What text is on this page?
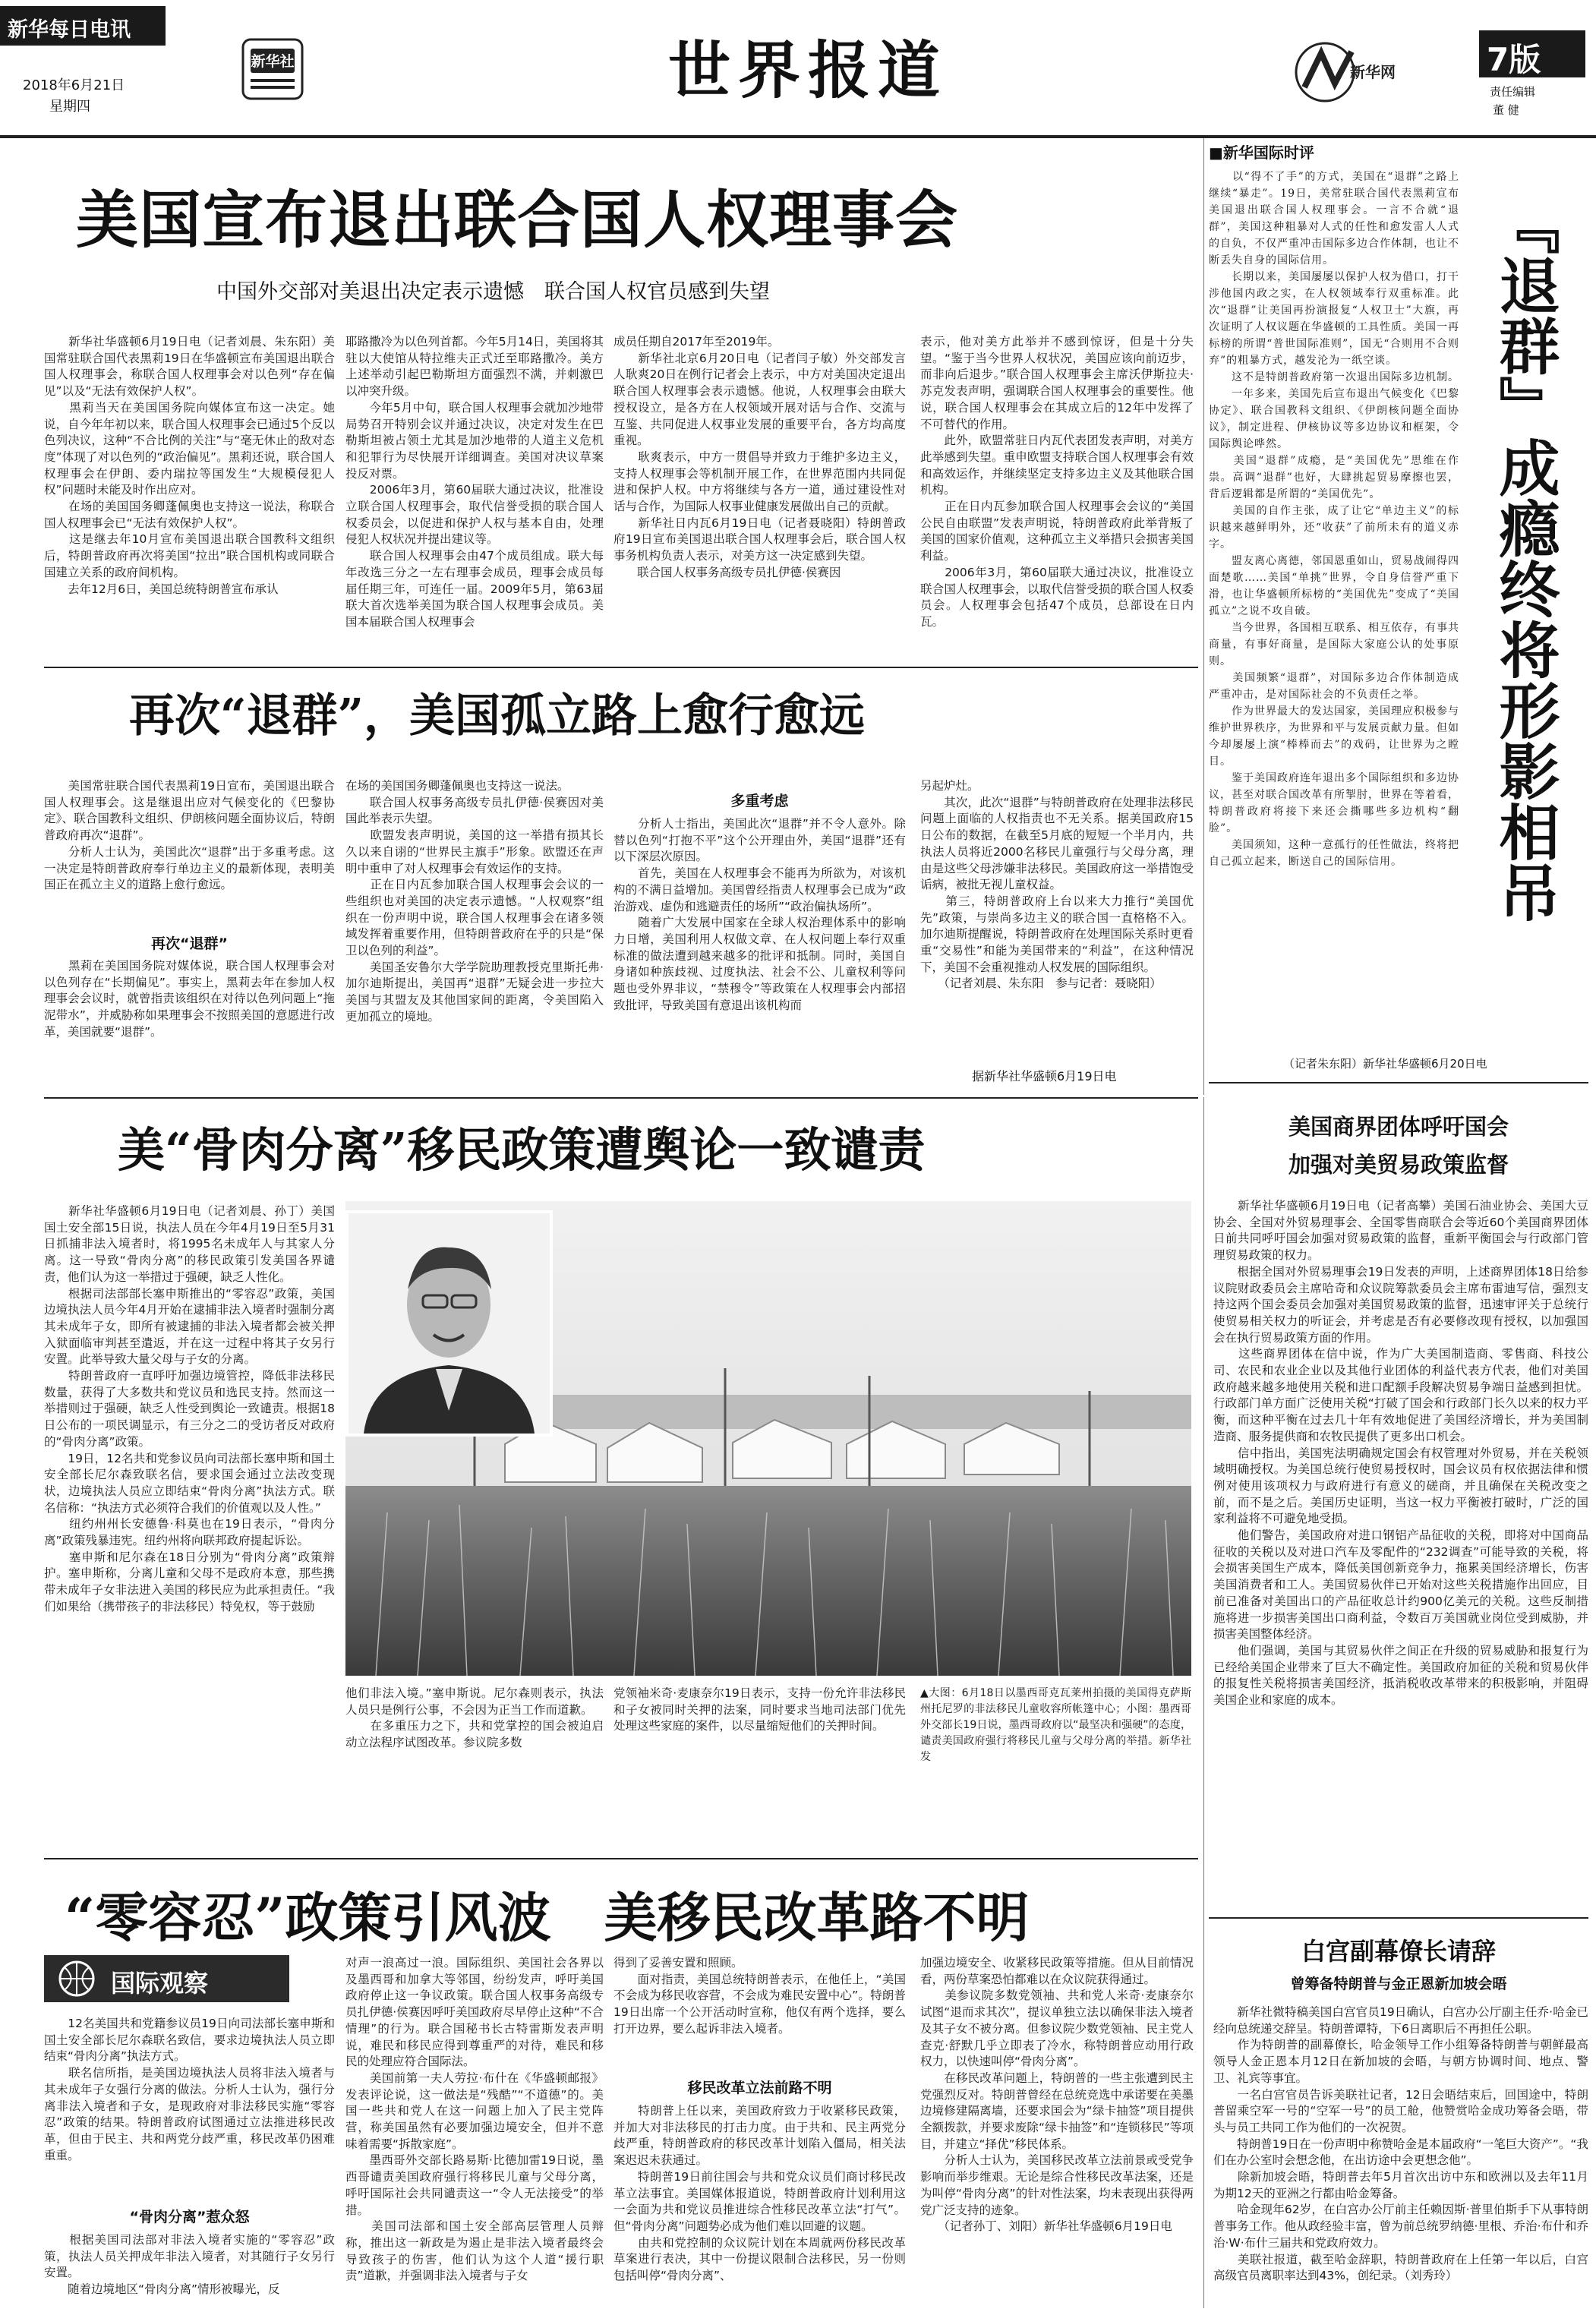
新华每日电讯
2018年6月21日
星期四
新华社	世界报道	新华网	7版
责任编辑
董 健
■新华国际时评
美国宣布退出联合国人权理事会
中国外交部对美退出决定表示遗憾　联合国人权官员感到失望
　　新华社华盛顿6月19日电（记者刘晨、朱东阳）美国常驻联合国代表黑莉19日在华盛顿宣布美国退出联合国人权理事会，称联合国人权理事会对以色列“存在偏见”以及“无法有效保护人权”。
　　黑莉当天在美国国务院向媒体宣布这一决定。她说，自今年年初以来，联合国人权理事会已通过5个反以色列决议，这种“不合比例的关注”与“毫无休止的敌对态度”体现了对以色列的“政治偏见”。黑莉还说，联合国人权理事会在伊朗、委内瑞拉等国发生“大规模侵犯人权”问题时未能及时作出应对。
　　在场的美国国务卿蓬佩奥也支持这一说法，称联合国人权理事会已“无法有效保护人权”。
　　这是继去年10月宣布美国退出联合国教科文组织后，特朗普政府再次将美国“拉出”联合国机构或同联合国建立关系的政府间机构。
　　去年12月6日，美国总统特朗普宣布承认
耶路撒冷为以色列首都。今年5月14日，美国将其驻以大使馆从特拉维夫正式迁至耶路撒冷。美方上述举动引起巴勒斯坦方面强烈不满，并刺激巴以冲突升级。
　　今年5月中旬，联合国人权理事会就加沙地带局势召开特别会议并通过决议，决定对发生在巴勒斯坦被占领土尤其是加沙地带的人道主义危机和犯罪行为尽快展开详细调查。美国对决议草案投反对票。
　　2006年3月，第60届联大通过决议，批准设立联合国人权理事会，取代信誉受损的联合国人权委员会，以促进和保护人权与基本自由，处理侵犯人权状况并提出建议等。
　　联合国人权理事会由47个成员组成。联大每年改选三分之一左右理事会成员，理事会成员每届任期三年，可连任一届。2009年5月，第63届联大首次选举美国为联合国人权理事会成员。美国本届联合国人权理事会
成员任期自2017年至2019年。
　　新华社北京6月20日电（记者闫子敏）外交部发言人耿爽20日在例行记者会上表示，中方对美国决定退出联合国人权理事会表示遗憾。他说，人权理事会由联大授权设立，是各方在人权领域开展对话与合作、交流与互鉴、共同促进人权事业发展的重要平台，各方均高度重视。
　　耿爽表示，中方一贯倡导并致力于维护多边主义，支持人权理事会等机制开展工作，在世界范围内共同促进和保护人权。中方将继续与各方一道，通过建设性对话与合作，为国际人权事业健康发展做出自己的贡献。
　　新华社日内瓦6月19日电（记者聂晓阳）特朗普政府19日宣布美国退出联合国人权理事会后，联合国人权事务机构负责人表示，对美方这一决定感到失望。
　　联合国人权事务高级专员扎伊德·侯赛因
表示，他对美方此举并不感到惊讶，但是十分失望。“鉴于当今世界人权状况，美国应该向前迈步，而非向后退步。”联合国人权理事会主席沃伊斯拉夫·苏克发表声明，强调联合国人权理事会的重要性。他说，联合国人权理事会在其成立后的12年中发挥了不可替代的作用。
　　此外，欧盟常驻日内瓦代表团发表声明，对美方此举感到失望。重申欧盟支持联合国人权理事会有效和高效运作，并继续坚定支持多边主义及其他联合国机构。
　　正在日内瓦参加联合国人权理事会会议的“美国公民自由联盟”发表声明说，特朗普政府此举背叛了美国的国家价值观，这种孤立主义举措只会损害美国利益。
　　2006年3月，第60届联大通过决议，批准设立联合国人权理事会，以取代信誉受损的联合国人权委员会。人权理事会包括47个成员，总部设在日内瓦。
　　以“得不了手”的方式，美国在“退群”之路上继续“暴走”。19日，美常驻联合国代表黑莉宣布美国退出联合国人权理事会。一言不合就“退群”，美国这种粗暴对人式的任性和愈发雷人人式的自负，不仅严重冲击国际多边合作体制，也让不断丢失自身的国际信用。
　　长期以来，美国屡屡以保护人权为借口，打干涉他国内政之实，在人权领域奉行双重标准。此次“退群”让美国再扮演报复“人权卫士”大旗，再次证明了人权议题在华盛顿的工具性质。美国一再标榜的所谓“普世国际准则”，国无“合则用不合则弃”的粗暴方式，越发沦为一纸空谈。
　　这不是特朗普政府第一次退出国际多边机制。
　　一年多来，美国先后宣布退出气候变化《巴黎协定》、联合国教科文组织、《伊朗核问题全面协议》，制定进程、伊核协议等多边协议和框架，令国际舆论哗然。
　　美国“退群”成瘾，是“美国优先”思维在作祟。高调“退群”也好，大肆挑起贸易摩擦也罢，背后逻辑都是所谓的“美国优先”。
　　美国的自作主张，成了让它“单边主义”的标识越来越鲜明外，还“收获”了前所未有的道义赤字。
　　盟友离心离德，邻国恩重如山，贸易战闹得四面楚歌……美国“单挑”世界，令自身信誉严重下滑，也让华盛顿所标榜的“美国优先”变成了“美国孤立”之说不攻自破。
　　当今世界，各国相互联系、相互依存，有事共商量，有事好商量，是国际大家庭公认的处事原则。
　　美国频繁“退群”，对国际多边合作体制造成严重冲击，是对国际社会的不负责任之举。
　　作为世界最大的发达国家，美国理应积极参与维护世界秩序，为世界和平与发展贡献力量。但如今却屡屡上演“棒棒而去”的戏码，让世界为之瞠目。
　　鉴于美国政府连年退出多个国际组织和多边协议，甚至对联合国改革有所掣肘，世界在等着看，特朗普政府将接下来还会撕哪些多边机构“翻脸”。
　　美国须知，这种一意孤行的任性做法，终将把自己孤立起来，断送自己的国际信用。	『退群』成瘾终将形影相吊
（记者朱东阳）新华社华盛顿6月20日电
再次“退群”，美国孤立路上愈行愈远
　　美国常驻联合国代表黑莉19日宣布，美国退出联合国人权理事会。这是继退出应对气候变化的《巴黎协定》、联合国教科文组织、伊朗核问题全面协议后，特朗普政府再次“退群”。
　　分析人士认为，美国此次“退群”出于多重考虑。这一决定是特朗普政府奉行单边主义的最新体现，表明美国正在孤立主义的道路上愈行愈远。
再次“退群”
　　黑莉在美国国务院对媒体说，联合国人权理事会对以色列存在“长期偏见”。事实上，黑莉去年在参加人权理事会会议时，就曾指责该组织在对待以色列问题上“拖泥带水”，并威胁称如果理事会不按照美国的意愿进行改革，美国就要“退群”。
在场的美国国务卿蓬佩奥也支持这一说法。
　　联合国人权事务高级专员扎伊德·侯赛因对美国此举表示失望。
　　欧盟发表声明说，美国的这一举措有损其长久以来自诩的“世界民主旗手”形象。欧盟还在声明中重申了对人权理事会有效运作的支持。
　　正在日内瓦参加联合国人权理事会会议的一些组织也对美国的决定表示遗憾。“人权观察”组织在一份声明中说，联合国人权理事会在诸多领域发挥着重要作用，但特朗普政府在乎的只是“保卫以色列的利益”。
　　美国圣安鲁尔大学学院助理教授克里斯托弗·加尔迪斯提出，美国再“退群”无疑会进一步拉大美国与其盟友及其他国家间的距离，令美国陷入更加孤立的境地。
多重考虑
　　分析人士指出，美国此次“退群”并不令人意外。除替以色列“打抱不平”这个公开理由外，美国“退群”还有以下深层次原因。
　　首先，美国在人权理事会不能再为所欲为，对该机构的不满日益增加。美国曾经指责人权理事会已成为“政治游戏、虚伪和逃避责任的场所”“政治偏执场所”。
　　随着广大发展中国家在全球人权治理体系中的影响力日增，美国利用人权做文章、在人权问题上奉行双重标准的做法遭到越来越多的批评和抵制。同时，美国自身诸如种族歧视、过度执法、社会不公、儿童权利等问题也受外界非议，“禁穆令”等政策在人权理事会内部招致批评，导致美国有意退出该机构而
另起炉灶。
　　其次，此次“退群”与特朗普政府在处理非法移民问题上面临的人权指责也不无关系。据美国政府15日公布的数据，在截至5月底的短短一个半月内，共执法人员将近2000名移民儿童强行与父母分离，理由是这些父母涉嫌非法移民。美国政府这一举措饱受诟病，被批无视儿童权益。
　　第三，特朗普政府上台以来大力推行“美国优先”政策，与崇尚多边主义的联合国一直格格不入。加尔迪斯提醒说，特朗普政府在处理国际关系时更看重“交易性”和能为美国带来的“利益”，在这种情况下，美国不会重视推动人权发展的国际组织。
　　（记者刘晨、朱东阳　参与记者：聂晓阳）
据新华社华盛顿6月19日电
美“骨肉分离”移民政策遭舆论一致谴责
　　新华社华盛顿6月19日电（记者刘晨、孙丁）美国国土安全部15日说，执法人员在今年4月19日至5月31日抓捕非法入境者时，将1995名未成年人与其家人分离。这一导致“骨肉分离”的移民政策引发美国各界谴责，他们认为这一举措过于强硬，缺乏人性化。
　　根据司法部部长塞申斯推出的“零容忍”政策，美国边境执法人员今年4月开始在逮捕非法入境者时强制分离其未成年子女，即所有被逮捕的非法入境者都会被关押入狱面临审判甚至遣返，并在这一过程中将其子女另行安置。此举导致大量父母与子女的分离。
　　特朗普政府一直呼吁加强边境管控，降低非法移民数量，获得了大多数共和党议员和选民支持。然而这一举措则过于强硬，缺乏人性受到舆论一致谴责。根据18日公布的一项民调显示，有三分之二的受访者反对政府的“骨肉分离”政策。
　　19日，12名共和党参议员向司法部长塞申斯和国土安全部长尼尔森致联名信，要求国会通过立法改变现状，边境执法人员应立即结束“骨肉分离”执法方式。联名信称：“执法方式必须符合我们的价值观以及人性。”
　　纽约州州长安德鲁·科莫也在19日表示，“骨肉分离”政策残暴违宪。纽约州将向联邦政府提起诉讼。
　　塞申斯和尼尔森在18日分别为“骨肉分离”政策辩护。塞申斯称，分离儿童和父母不是政府本意，那些携带未成年子女非法进入美国的移民应为此承担责任。“我们如果给（携带孩子的非法移民）特免权，等于鼓励
他们非法入境。”塞申斯说。尼尔森则表示，执法人员只是例行公事，不会因为正当工作而道歉。
　　在多重压力之下，共和党掌控的国会被迫启动立法程序试图改革。参议院多数
党领袖米奇·麦康奈尔19日表示，支持一份允许非法移民和子女被同时关押的法案，同时要求当地司法部门优先处理这些家庭的案件，以尽量缩短他们的关押时间。
▲大图：6月18日以墨西哥克瓦莱州拍摄的美国得克萨斯州托尼罗的非法移民儿童收容所帐篷中心；小图：墨西哥外交部长19日说，墨西哥政府以“最坚决和强硬”的态度，谴责美国政府强行将移民儿童与父母分离的举措。新华社发
美国商界团体呼吁国会
加强对美贸易政策监督
　　新华社华盛顿6月19日电（记者高攀）美国石油业协会、美国大豆协会、全国对外贸易理事会、全国零售商联合会等近60个美国商界团体日前共同呼吁国会加强对贸易政策的监督，重新平衡国会与行政部门管理贸易政策的权力。
　　根据全国对外贸易理事会19日发表的声明，上述商界团体18日给参议院财政委员会主席哈奇和众议院筹款委员会主席布雷迪写信，强烈支持这两个国会委员会加强对美国贸易政策的监督，迅速审评关于总统行使贸易相关权力的听证会，并考虑是否有必要修改现有授权，以加强国会在执行贸易政策方面的作用。
　　这些商界团体在信中说，作为广大美国制造商、零售商、科技公司、农民和农业企业以及其他行业团体的利益代表方代表，他们对美国政府越来越多地使用关税和进口配额手段解决贸易争端日益感到担忧。行政部门单方面广泛使用关税“打破了国会和行政部门长久以来的权力平衡，而这种平衡在过去几十年有效地促进了美国经济增长，并为美国制造商、服务提供商和农牧民提供了更多出口机会。
　　信中指出，美国宪法明确规定国会有权管理对外贸易，并在关税领域明确授权。为美国总统行使贸易授权时，国会议员有权依据法律和惯例对使用该项权力与政府进行有意义的磋商，并且确保在关税改变之前，而不是之后。美国历史证明，当这一权力平衡被打破时，广泛的国家利益将不可避免地受损。
　　他们警告，美国政府对进口钢铝产品征收的关税，即将对中国商品征收的关税以及对进口汽车及零配件的“232调查”可能导致的关税，将会损害美国生产成本，降低美国创新竞争力，拖累美国经济增长，伤害美国消费者和工人。美国贸易伙伴已开始对这些关税措施作出回应，目前已准备对美国出口的产品征收总计约900亿美元的关税。这些反制措施将进一步损害美国出口商利益，令数百万美国就业岗位受到威胁，并损害美国整体经济。
　　他们强调，美国与其贸易伙伴之间正在升级的贸易威胁和报复行为已经给美国企业带来了巨大不确定性。美国政府加征的关税和贸易伙伴的报复性关税将损害美国经济，抵消税收改革带来的积极影响，并阻碍美国企业和家庭的成本。
白宫副幕僚长请辞
曾筹备特朗普与金正恩新加坡会晤
　　新华社微特稿美国白宫官员19日确认，白宫办公厅副主任乔·哈金已经向总统递交辞呈。特朗普谭特，下6日离职后不再担任公职。
　　作为特朗普的副幕僚长，哈金领导工作小组筹备特朗普与朝鲜最高领导人金正恩本月12日在新加坡的会晤，与朝方协调时间、地点、警卫、礼宾等事宜。
　　一名白宫官员告诉美联社记者，12日会晤结束后，回国途中，特朗普留乘空军一号的“空军一号”的员工舱，他赞赏哈金成功筹备会晤，带头与员工共同工作为他们的一次祝贺。
　　特朗普19日在一份声明中称赞哈金是本届政府“一笔巨大资产”。“我们在办公室时会想念他，在出访途中会更想念他”。
　　除新加坡会晤，特朗普去年5月首次出访中东和欧洲以及去年11月为期12天的亚洲之行都由哈金筹备。
　　哈金现年62岁，在白宫办公厅前主任赖因斯·普里伯斯手下从事特朗普事务工作。他从政经验丰富，曾为前总统罗纳德·里根、乔治·布什和乔治·W·布什三届共和党政府效力。
　　美联社报道，截至哈金辞职，特朗普政府在上任第一年以后，白宫高级官员离职率达到43%，创纪录。（刘秀玲）
“零容忍”政策引风波　美移民改革路不明
国际观察
　　12名美国共和党籍参议员19日向司法部长塞申斯和国土安全部长尼尔森联名致信，要求边境执法人员立即结束“骨肉分离”执法方式。
　　联名信所指，是美国边境执法人员将非法入境者与其未成年子女强行分离的做法。分析人士认为，强行分离非法入境者和子女，是现政府对非法移民实施“零容忍”政策的结果。特朗普政府试图通过立法推进移民改革，但由于民主、共和两党分歧严重，移民改革仍困难重重。
“骨肉分离”惹众怒
　　根据美国司法部对非法入境者实施的“零容忍”政策，执法人员关押成年非法入境者，对其随行子女另行安置。
　　随着边境地区“骨肉分离”情形被曝光，反
对声一浪高过一浪。国际组织、美国社会各界以及墨西哥和加拿大等邻国，纷纷发声，呼吁美国政府停止这一争议政策。联合国人权事务高级专员扎伊德·侯赛因呼吁美国政府尽早停止这种“不合情理”的行为。联合国秘书长古特雷斯发表声明说，难民和移民应得到尊重严的对待，难民和移民的处理应符合国际法。
　　美国前第一夫人劳拉·布什在《华盛顿邮报》发表评论说，这一做法是“残酷”“不道德”的。美国一些共和党人在这一问题上加入了民主党阵营，称美国虽然有必要加强边境安全，但并不意味着需要“拆散家庭”。
　　墨西哥外交部长路易斯·比德加雷19日说，墨西哥谴责美国政府强行将移民儿童与父母分离，呼吁国际社会共同谴责这一“令人无法接受”的举措。
　　美国司法部和国土安全部高层管理人员辩称，推出这一新政是为遏止是非法入境者最终会导致孩子的伤害，他们认为这个人道“援行职责”道歉，并强调非法入境者与子女
得到了妥善安置和照顾。
　　面对指责，美国总统特朗普表示，在他任上，“美国不会成为移民收容营，不会成为难民安置中心”。特朗普19日出席一个公开活动时宣称，他仅有两个选择，要么打开边界，要么起诉非法入境者。
移民改革立法前路不明
　　特朗普上任以来，美国政府致力于收紧移民政策，并加大对非法移民的打击力度。由于共和、民主两党分歧严重，特朗普政府的移民改革计划陷入僵局，相关法案迟迟未获通过。
　　特朗普19日前往国会与共和党众议员们商讨移民改革立法事宜。美国媒体报道说，特朗普政府计划利用这一会面为共和党议员推进综合性移民改革立法“打气”。但“骨肉分离”问题势必成为他们难以回避的议题。
　　由共和党控制的众议院计划在本周就两份移民改革草案进行表决，其中一份提议限制合法移民，另一份则包括叫停“骨肉分离”、
加强边境安全、收紧移民政策等措施。但从目前情况看，两份草案恐怕都难以在众议院获得通过。
　　美参议院多数党领袖、共和党人米奇·麦康奈尔试图“退而求其次”，提议单独立法以确保非法入境者及其子女不被分离。但参议院少数党领袖、民主党人查克·舒默几乎立即表了冷水，称特朗普应动用行政权力，以快速叫停“骨肉分离”。
　　在移民改革问题上，特朗普的一些主张遭到民主党强烈反对。特朗普曾经在总统竞选中承诺要在美墨边境修建隔离墙，还要求国会为“绿卡抽签”项目提供全额拨款，并要求废除“绿卡抽签”和“连锁移民”等项目，并建立“择优”移民体系。
　　分析人士认为，美国移民改革立法前景或受党争影响而举步维艰。无论是综合性移民改革法案，还是为叫停“骨肉分离”的针对性法案，均未表现出获得两党广泛支持的迹象。
　　（记者孙丁、刘阳）新华社华盛顿6月19日电
